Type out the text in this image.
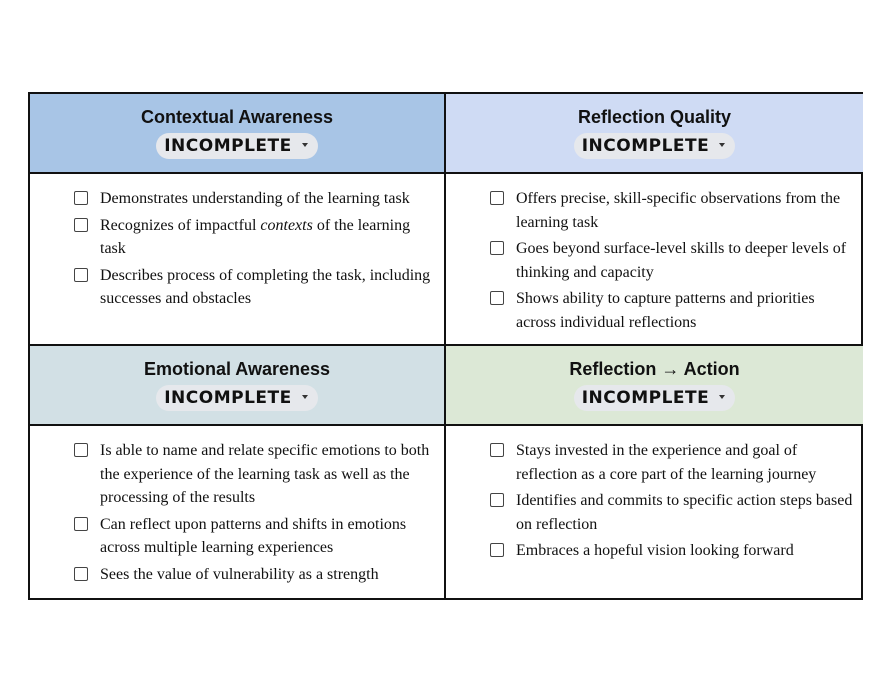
Contextual Awareness
INCOMPLETE
Reflection Quality
INCOMPLETE
Demonstrates understanding of the learning task
Recognizes of impactful contexts of the learning task
Describes process of completing the task, including successes and obstacles
Offers precise, skill-specific observations from the learning task
Goes beyond surface-level skills to deeper levels of thinking and capacity
Shows ability to capture patterns and priorities across individual reflections
Emotional Awareness
INCOMPLETE
Reflection → Action
INCOMPLETE
Is able to name and relate specific emotions to both the experience of the learning task as well as the processing of the results
Can reflect upon patterns and shifts in emotions across multiple learning experiences
Sees the value of vulnerability as a strength
Stays invested in the experience and goal of reflection as a core part of the learning journey
Identifies and commits to specific action steps based on reflection
Embraces a hopeful vision looking forward
